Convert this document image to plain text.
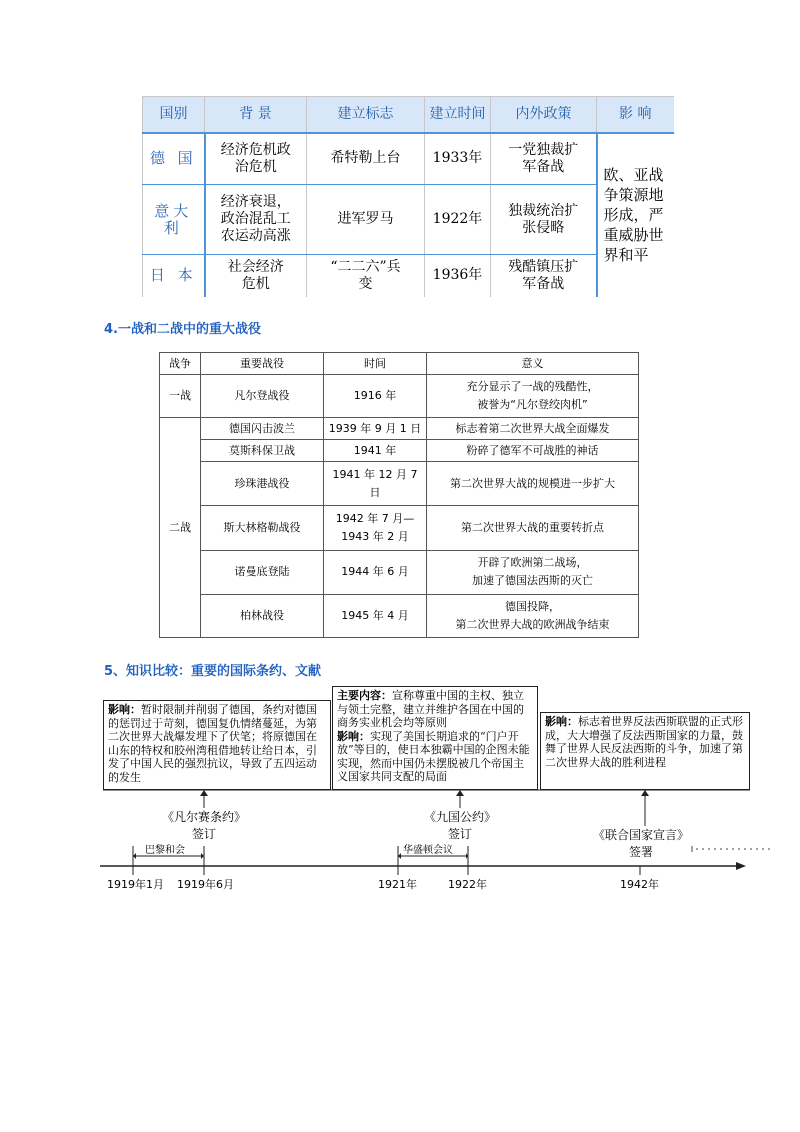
国别	背 景	建立标志	建立时间	内外政策	影 响
德 国	经济危机政治危机	希特勒上台	1933年	一党独裁扩军备战	欧、亚战争策源地形成，严重威胁世界和平

意大利	经济衰退，政治混乱工农运动高涨	进军罗马	1922年	独裁统治扩张侵略	

日 本	社会经济危机	“二二六”兵变	1936年	残酷镇压扩军备战	
4.一战和二战中的重大战役
战争	重要战役	时间	意义
一战	凡尔登战役	1916 年	充分显示了一战的残酷性，
被誉为“凡尔登绞肉机”

二战	德国闪击波兰	1939 年 9 月 1 日	标志着第二次世界大战全面爆发
	莫斯科保卫战	1941 年	粉碎了德军不可战胜的神话
	珍珠港战役	1941 年 12 月 7
日	第二次世界大战的规模进一步扩大
	斯大林格勒战役	1942 年 7 月—
1943 年 2 月	第二次世界大战的重要转折点
	诺曼底登陆	1944 年 6 月	开辟了欧洲第二战场，
加速了德国法西斯的灭亡

	柏林战役	1945 年 4 月	德国投降，
第二次世界大战的欧洲战争结束
5、知识比较：重要的国际条约、文献
影响：暂时限制并削弱了德国，条约对德国的惩罚过于苛刻，德国复仇情绪蔓延，为第二次世界大战爆发埋下了伏笔；将原德国在山东的特权和胶州湾租借地转让给日本，引发了中国人民的强烈抗议，导致了五四运动的发生
主要内容：宣称尊重中国的主权、独立与领土完整，建立并维护各国在中国的商务实业机会均等原则
影响：实现了美国长期追求的“门户开放”等目的，使日本独霸中国的企图未能实现，然而中国仍未摆脱被几个帝国主义国家共同支配的局面
影响：标志着世界反法西斯联盟的正式形成，大大增强了反法西斯国家的力量，鼓舞了世界人民反法西斯的斗争，加速了第二次世界大战的胜利进程
《凡尔赛条约》
签订
《九国公约》
签订	《联合国家宣言》
签署
巴黎和会	华盛顿会议
1919年1月 1919年6月	1921年	1922年	1942年
